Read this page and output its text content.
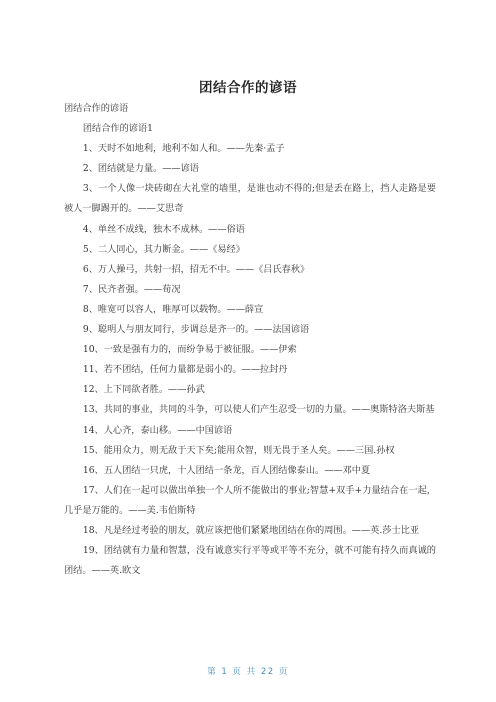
团结合作的谚语

团结合作的谚语

团结合作的谚语1

1、天时不如地利，地利不如人和。——先秦·孟子

2、团结就是力量。——谚语

3、一个人像一块砖砌在大礼堂的墙里，是谁也动不得的;但是丢在路上，挡人走路是要被人一脚踢开的。——艾思奇

4、单丝不成线，独木不成林。——俗语

5、二人同心，其力断金。——《易经》

6、万人操弓，共射一招，招无不中。——《吕氏春秋》

7、民齐者强。——荀况

8、唯宽可以容人，唯厚可以载物。——薛宣

9、聪明人与朋友同行，步调总是齐一的。——法国谚语

10、一致是强有力的，而纷争易于被征服。——伊索

11、若不团结，任何力量都是弱小的。——拉封丹

12、上下同欲者胜。——孙武

13、共同的事业，共同的斗争，可以使人们产生忍受一切的力量。——奥斯特洛夫斯基

14、人心齐，泰山移。——中国谚语

15、能用众力，则无敌于天下矣;能用众智，则无畏于圣人矣。——三国.孙权

16、五人团结一只虎，十人团结一条龙，百人团结像泰山。——邓中夏

17、人们在一起可以做出单独一个人所不能做出的事业;智慧+双手+力量结合在一起，几乎是万能的。——美.韦伯斯特

18、凡是经过考验的朋友，就应该把他们紧紧地团结在你的周围。——英.莎士比亚

19、团结就有力量和智慧，没有诚意实行平等或平等不充分，就不可能有持久而真诚的团结。——英.欧文

第 1 页 共 22 页
